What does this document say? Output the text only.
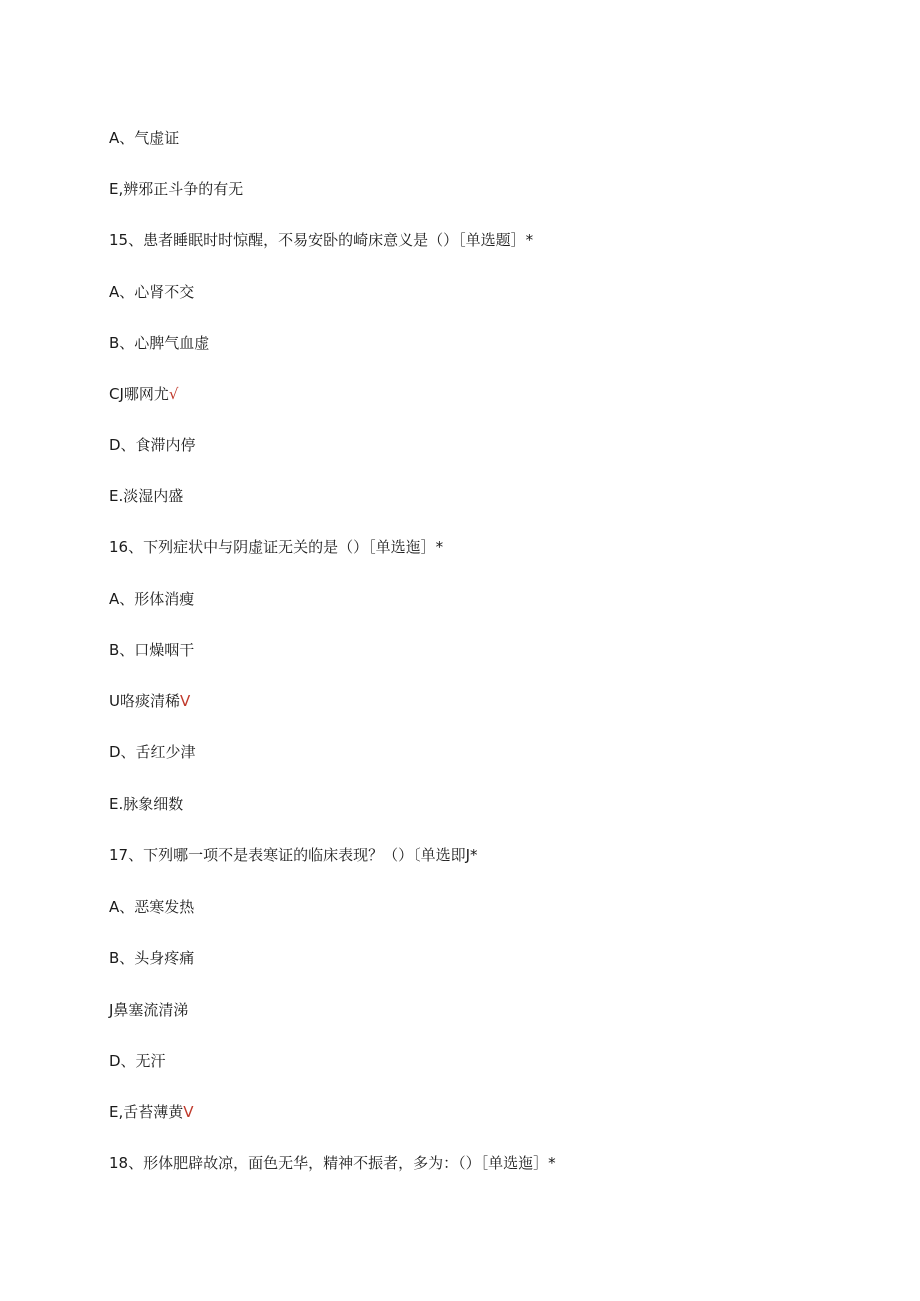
A、气虚证
E,辨邪正斗争的有无
15、患者睡眠时时惊醒，不易安卧的崎床意义是（）［单选题］*
A、心肾不交
B、心脾气血虚
CJ哪网尤√
D、食滞内停
E.淡湿内盛
16、下列症状中与阴虚证无关的是（）［单选迤］*
A、形体消瘦
B、口燥咽干
U咯痰清稀V
D、舌红少津
E.脉象细数
17、下列哪一项不是表寒证的临床表现？（）〔单选即J*
A、恶寒发热
B、头身疼痛
J鼻塞流清涕
D、无汗
E,舌苔薄黄V
18、形体肥辟故凉，面色无华，精神不振者，多为：（）［单选迤］*
